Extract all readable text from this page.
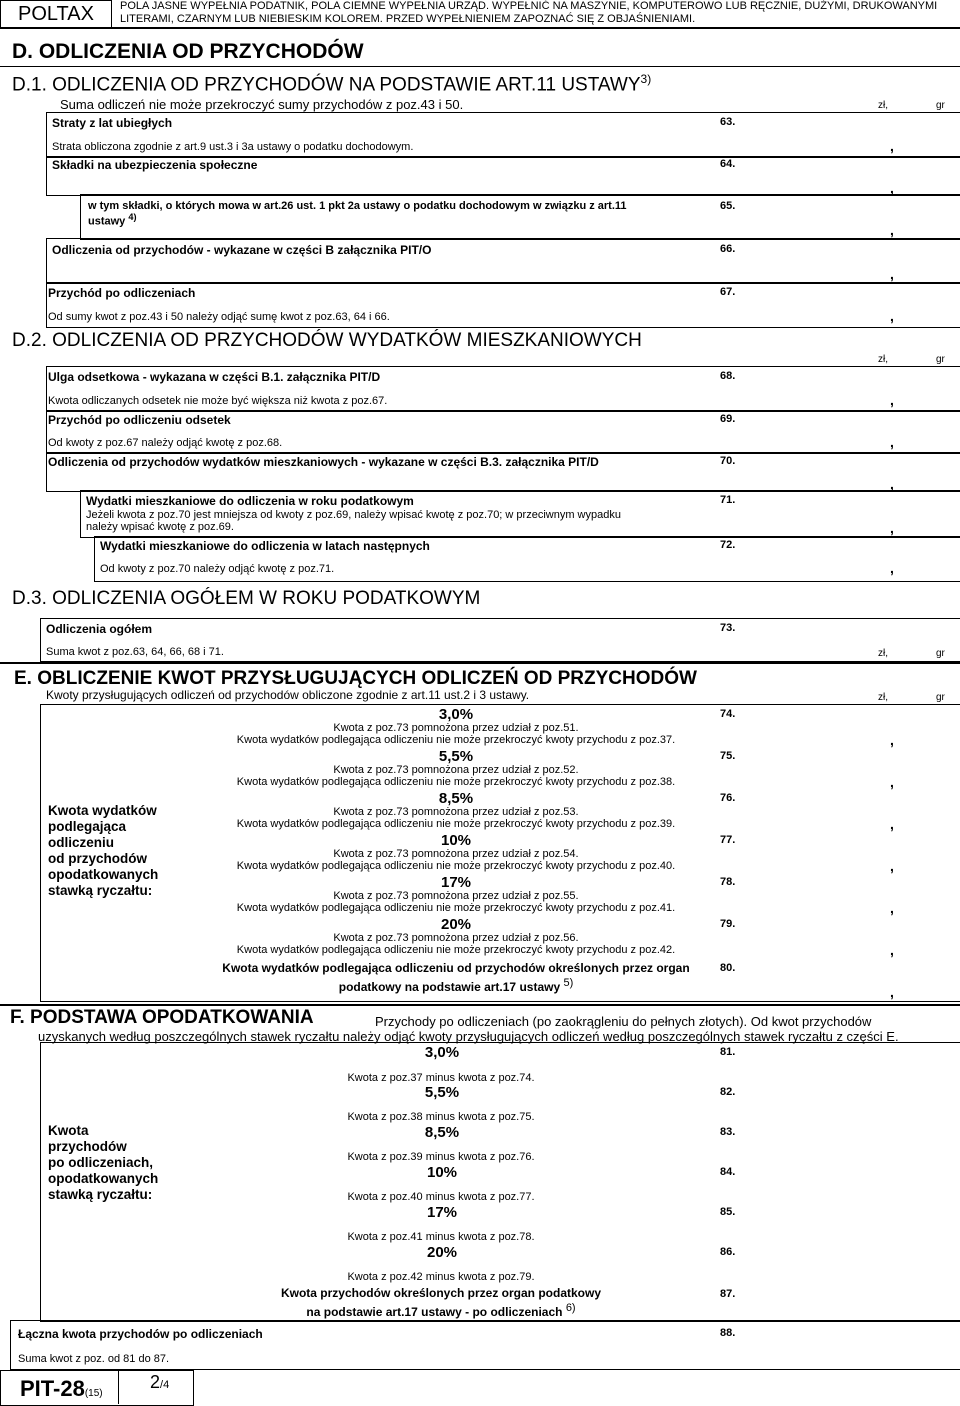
POLTAX	POLA JASNE WYPEŁNIA PODATNIK, POLA CIEMNE WYPEŁNIA URZĄD. WYPEŁNIĆ NA MASZYNIE, KOMPUTEROWO LUB RĘCZNIE, DUŻYMI, DRUKOWANYMI
LITERAMI, CZARNYM LUB NIEBIESKIM KOLOREM. PRZED WYPEŁNIENIEM ZAPOZNAĆ SIĘ Z OBJAŚNIENIAMI.
D. ODLICZENIA OD PRZYCHODÓW
D.1. ODLICZENIA OD PRZYCHODÓW NA PODSTAWIE ART.11 USTAWY$^{3)}$
Suma odliczeń nie może przekroczyć sumy przychodów z poz.43 i 50.	zł,	gr
Straty z lat ubiegłych	63.
Strata obliczona zgodnie z art.9 ust.3 i 3a ustawy o podatku dochodowym.	,
Składki na ubezpieczenia społeczne	64.
,
w tym składki, o których mowa w art.26 ust. 1 pkt 2a ustawy o podatku dochodowym w związku z art.11
ustawy $^{4)}$
65.
,
Odliczenia od przychodów - wykazane w części B załącznika PIT/O	66.
,
Przychód po odliczeniach	67.
Od sumy kwot z poz.43 i 50 należy odjąć sumę kwot z poz.63, 64 i 66.	,
D.2. ODLICZENIA OD PRZYCHODÓW WYDATKÓW MIESZKANIOWYCH
zł,	gr
Ulga odsetkowa - wykazana w części B.1. załącznika PIT/D	68.
Kwota odliczanych odsetek nie może być większa niż kwota z poz.67.	,
Przychód po odliczeniu odsetek	69.
Od kwoty z poz.67 należy odjąć kwotę z poz.68.	,
Odliczenia od przychodów wydatków mieszkaniowych - wykazane w części B.3. załącznika PIT/D	70.
,
Wydatki mieszkaniowe do odliczenia w roku podatkowym
Jeżeli kwota z poz.70 jest mniejsza od kwoty z poz.69, należy wpisać kwotę z poz.70; w przeciwnym wypadku
należy wpisać kwotę z poz.69.
71.
,
Wydatki mieszkaniowe do odliczenia w latach następnych	72.
Od kwoty z poz.70 należy odjąć kwotę z poz.71.	,
D.3. ODLICZENIA OGÓŁEM W ROKU PODATKOWYM
Odliczenia ogółem	73.
Suma kwot z poz.63, 64, 66, 68 i 71.	zł,	gr
E. OBLICZENIE KWOT PRZYSŁUGUJĄCYCH ODLICZEŃ OD PRZYCHODÓW
Kwoty przysługujących odliczeń od przychodów obliczone zgodnie z art.11 ust.2 i 3 ustawy.	zł,	gr
Kwota wydatków
podlegająca
odliczeniu
od przychodów
opodatkowanych
stawką ryczałtu:
3,0%
Kwota z poz.73 pomnożona przez udział z poz.51.
Kwota wydatków podlegająca odliczeniu nie może przekroczyć kwoty przychodu z poz.37.
74.
,
5,5%
Kwota z poz.73 pomnożona przez udział z poz.52.
Kwota wydatków podlegająca odliczeniu nie może przekroczyć kwoty przychodu z poz.38.
75.
,
8,5%
Kwota z poz.73 pomnożona przez udział z poz.53.
Kwota wydatków podlegająca odliczeniu nie może przekroczyć kwoty przychodu z poz.39.
76.
,
10%
Kwota z poz.73 pomnożona przez udział z poz.54.
Kwota wydatków podlegająca odliczeniu nie może przekroczyć kwoty przychodu z poz.40.
77.
,
17%
Kwota z poz.73 pomnożona przez udział z poz.55.
Kwota wydatków podlegająca odliczeniu nie może przekroczyć kwoty przychodu z poz.41.
78.
,
20%
Kwota z poz.73 pomnożona przez udział z poz.56.
Kwota wydatków podlegająca odliczeniu nie może przekroczyć kwoty przychodu z poz.42.
79.
,
Kwota wydatków podlegająca odliczeniu od przychodów określonych przez organ
podatkowy na podstawie art.17 ustawy $^{5)}$
80.
,
F. PODSTAWA OPODATKOWANIA	Przychody po odliczeniach (po zaokrągleniu do pełnych złotych). Od kwot przychodów
uzyskanych według poszczególnych stawek ryczałtu należy odjąć kwoty przysługujących odliczeń według poszczególnych stawek ryczałtu z części E.
Kwota
przychodów
po odliczeniach,
opodatkowanych
stawką ryczałtu:
3,0%
Kwota z poz.37 minus kwota z poz.74.
81.
5,5%
Kwota z poz.38 minus kwota z poz.75.
82.
8,5%
Kwota z poz.39 minus kwota z poz.76.
83.
10%
Kwota z poz.40 minus kwota z poz.77.
84.
17%
Kwota z poz.41 minus kwota z poz.78.
85.
20%
Kwota z poz.42 minus kwota z poz.79.
86.
Kwota przychodów określonych przez organ podatkowy
na podstawie art.17 ustawy - po odliczeniach $^{6)}$
87.
Łączna kwota przychodów po odliczeniach	88.
Suma kwot z poz. od 81 do 87.
PIT-28(15)
2/4
